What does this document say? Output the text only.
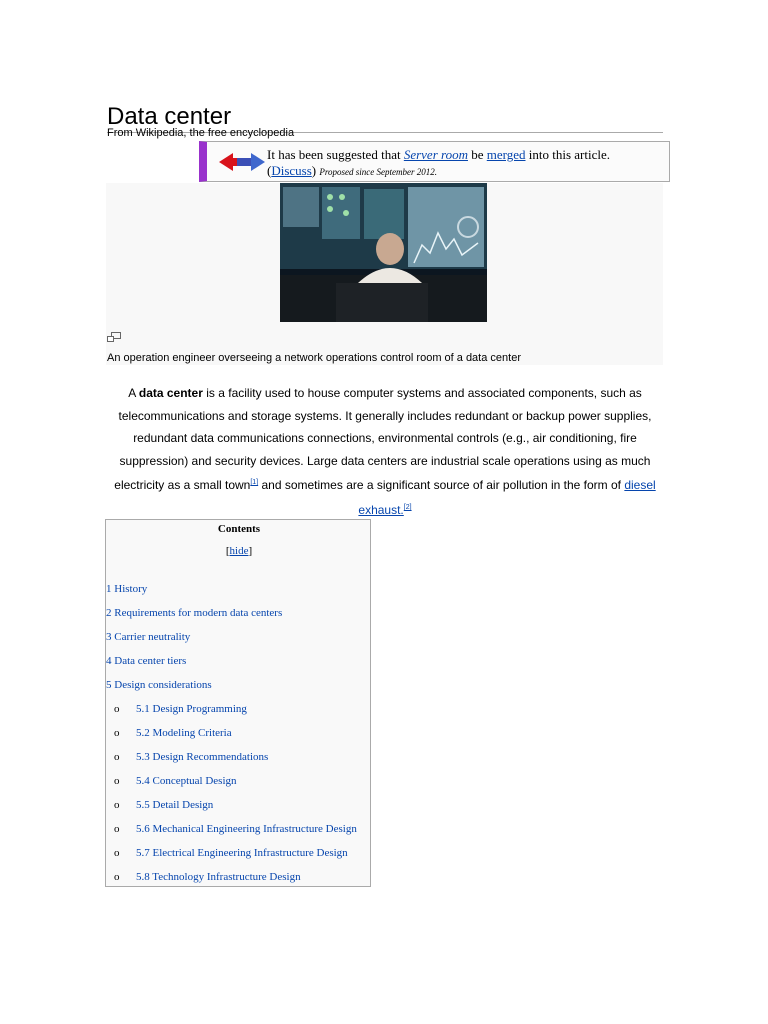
Data center
From Wikipedia, the free encyclopedia
It has been suggested that Server room be merged into this article.
(Discuss) Proposed since September 2012.
An operation engineer overseeing a network operations control room of a data center
A data center is a facility used to house computer systems and associated components, such as telecommunications and storage systems. It generally includes redundant or backup power supplies, redundant data communications connections, environmental controls (e.g., air conditioning, fire suppression) and security devices. Large data centers are industrial scale operations using as much electricity as a small town[1] and sometimes are a significant source of air pollution in the form of diesel exhaust.[2]
Contents
[hide]
1 History
2 Requirements for modern data centers
3 Carrier neutrality
4 Data center tiers
5 Design considerations
o 5.1 Design Programming
o 5.2 Modeling Criteria
o 5.3 Design Recommendations
o 5.4 Conceptual Design
o 5.5 Detail Design
o 5.6 Mechanical Engineering Infrastructure Design
o 5.7 Electrical Engineering Infrastructure Design
o 5.8 Technology Infrastructure Design
